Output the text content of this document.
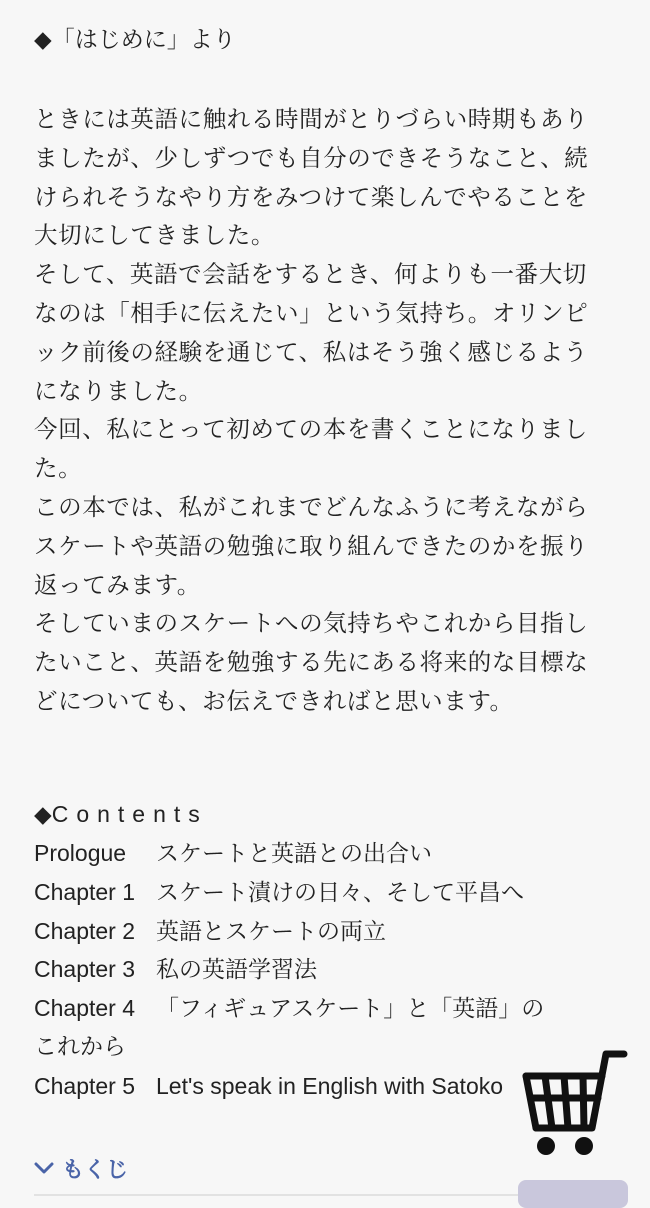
◆「はじめに」より
ときには英語に触れる時間がとりづらい時期もあり
ましたが、少しずつでも自分のできそうなこと、続
けられそうなやり方をみつけて楽しんでやることを
大切にしてきました。
そして、英語で会話をするとき、何よりも一番大切
なのは「相手に伝えたい」という気持ち。オリンピ
ック前後の経験を通じて、私はそう強く感じるよう
になりました。
今回、私にとって初めての本を書くことになりまし
た。
この本では、私がこれまでどんなふうに考えながら
スケートや英語の勉強に取り組んできたのかを振り
返ってみます。
そしていまのスケートへの気持ちやこれから目指し
たいこと、英語を勉強する先にある将来的な目標な
どについても、お伝えできればと思います。
◆Contents
Prologue スケートと英語との出合い
Chapter 1 スケート漬けの日々、そして平昌へ
Chapter 2 英語とスケートの両立
Chapter 3 私の英語学習法
Chapter 4 「フィギュアスケート」と「英語」の
これから
Chapter 5 Let's speak in English with Satoko
もくじ
